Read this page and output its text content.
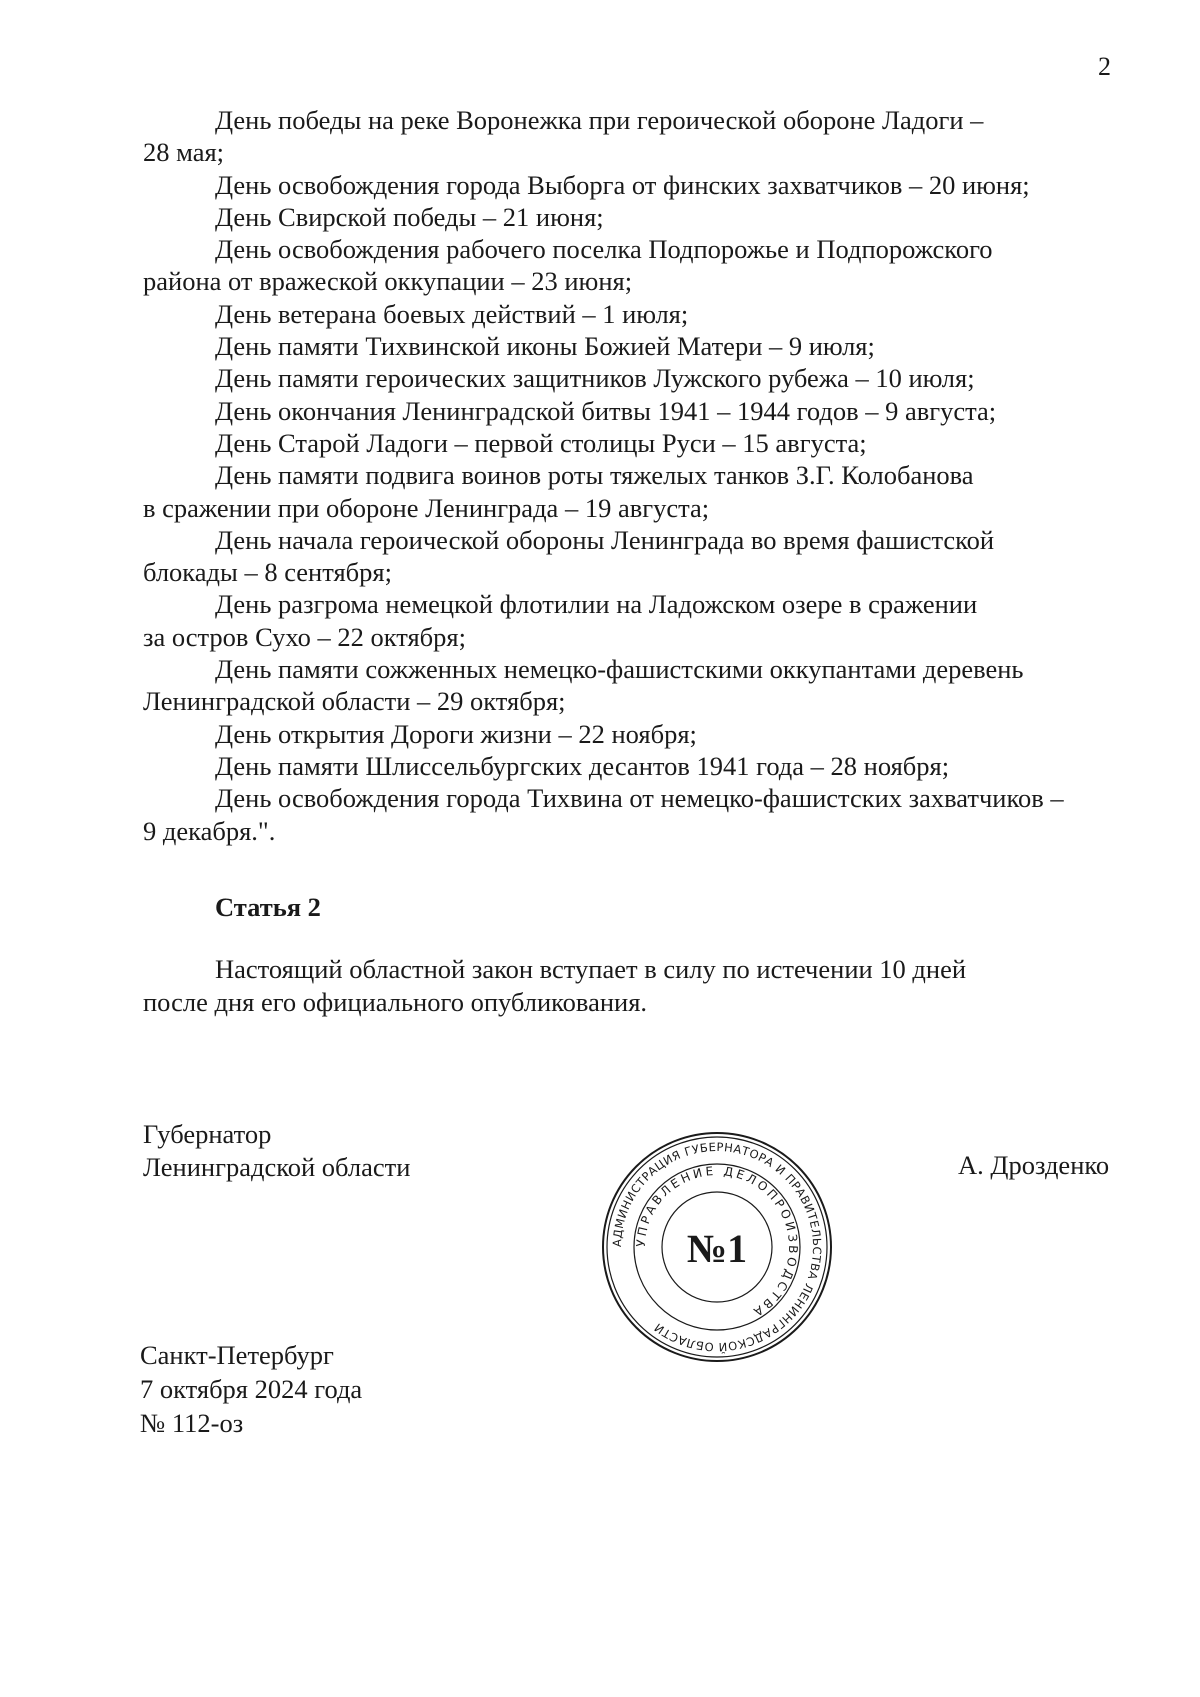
2

День победы на реке Воронежка при героической обороне Ладоги –
28 мая;

День освобождения города Выборга от финских захватчиков – 20 июня;

День Свирской победы – 21 июня;

День освобождения рабочего поселка Подпорожье и Подпорожского
района от вражеской оккупации – 23 июня;

День ветерана боевых действий – 1 июля;

День памяти Тихвинской иконы Божией Матери – 9 июля;

День памяти героических защитников Лужского рубежа – 10 июля;

День окончания Ленинградской битвы 1941 – 1944 годов – 9 августа;

День Старой Ладоги – первой столицы Руси – 15 августа;

День памяти подвига воинов роты тяжелых танков З.Г. Колобанова
в сражении при обороне Ленинграда – 19 августа;

День начала героической обороны Ленинграда во время фашистской
блокады – 8 сентября;

День разгрома немецкой флотилии на Ладожском озере в сражении
за остров Сухо – 22 октября;

День памяти сожженных немецко-фашистскими оккупантами деревень
Ленинградской области – 29 октября;

День открытия Дороги жизни – 22 ноября;

День памяти Шлиссельбургских десантов 1941 года – 28 ноября;

День освобождения города Тихвина от немецко-фашистских захватчиков –
9 декабря.".

Статья 2

Настоящий областной закон вступает в силу по истечении 10 дней
после дня его официального опубликования.

Губернатор
Ленинградской области
АДМИНИСТРАЦИЯ ГУБЕРНАТОРА И ПРАВИТЕЛЬСТВА ЛЕНИНГРАДСКОЙ ОБЛАСТИ
УПРАВЛЕНИЕ ДЕЛОПРОИЗВОДСТВА
№1
А. Дрозденко
Санкт-Петербург
7 октября 2024 года
№ 112-оз
